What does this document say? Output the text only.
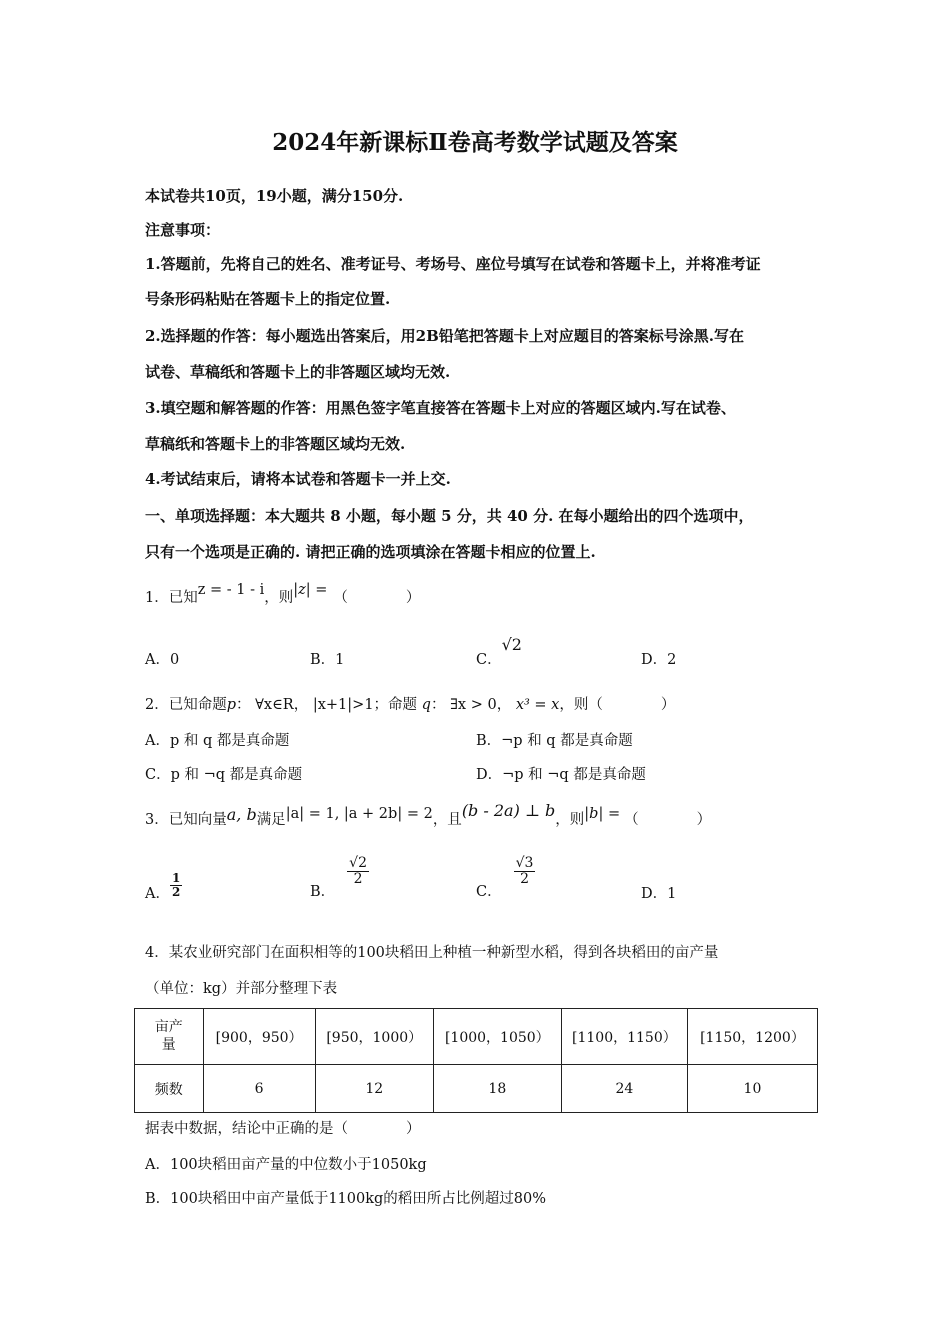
2024年新课标Ⅱ卷高考数学试题及答案
本试卷共10页，19小题，满分150分.
注意事项：
1.答题前，先将自己的姓名、准考证号、考场号、座位号填写在试卷和答题卡上，并将准考证
号条形码粘贴在答题卡上的指定位置.
2.选择题的作答：每小题选出答案后，用2B铅笔把答题卡上对应题目的答案标号涂黑.写在
试卷、草稿纸和答题卡上的非答题区域均无效.
3.填空题和解答题的作答：用黑色签字笔直接答在答题卡上对应的答题区域内.写在试卷、
草稿纸和答题卡上的非答题区域均无效.
4.考试结束后，请将本试卷和答题卡一并上交.
一、单项选择题：本大题共 8 小题，每小题 5 分，共 40 分. 在每小题给出的四个选项中，
只有一个选项是正确的. 请把正确的选项填涂在答题卡相应的位置上.
1．已知z = - 1 - i，则|z| = （　　　　）
A．0	B．1	C．√2
D．2
2．已知命题p： ∀x∈R， |x+1|>1；命题 q： ∃x > 0， x³ = x，则（　　　　）
A．p 和 q 都是真命题	B．¬p 和 q 都是真命题
C．p 和 ¬q 都是真命题	D．¬p 和 ¬q 都是真命题
3．已知向量a, b满足|a| = 1, |a + 2b| = 2，且(b - 2a) ⊥ b，则|b| = （　　　　）
A． $\frac{1}{2}$	B．
$\frac{√2}{2}$
C．
$\frac{√3}{2}$
D．1
4．某农业研究部门在面积相等的100块稻田上种植一种新型水稻，得到各块稻田的亩产量
（单位：kg）并部分整理下表
亩产量	[900，950）	[950，1000）	[1000，1050）	[1100，1150）	[1150，1200）
频数	6	12	18	24	10
据表中数据，结论中正确的是（　　　　）
A．100块稻田亩产量的中位数小于1050kg
B．100块稻田中亩产量低于1100kg的稻田所占比例超过80%
